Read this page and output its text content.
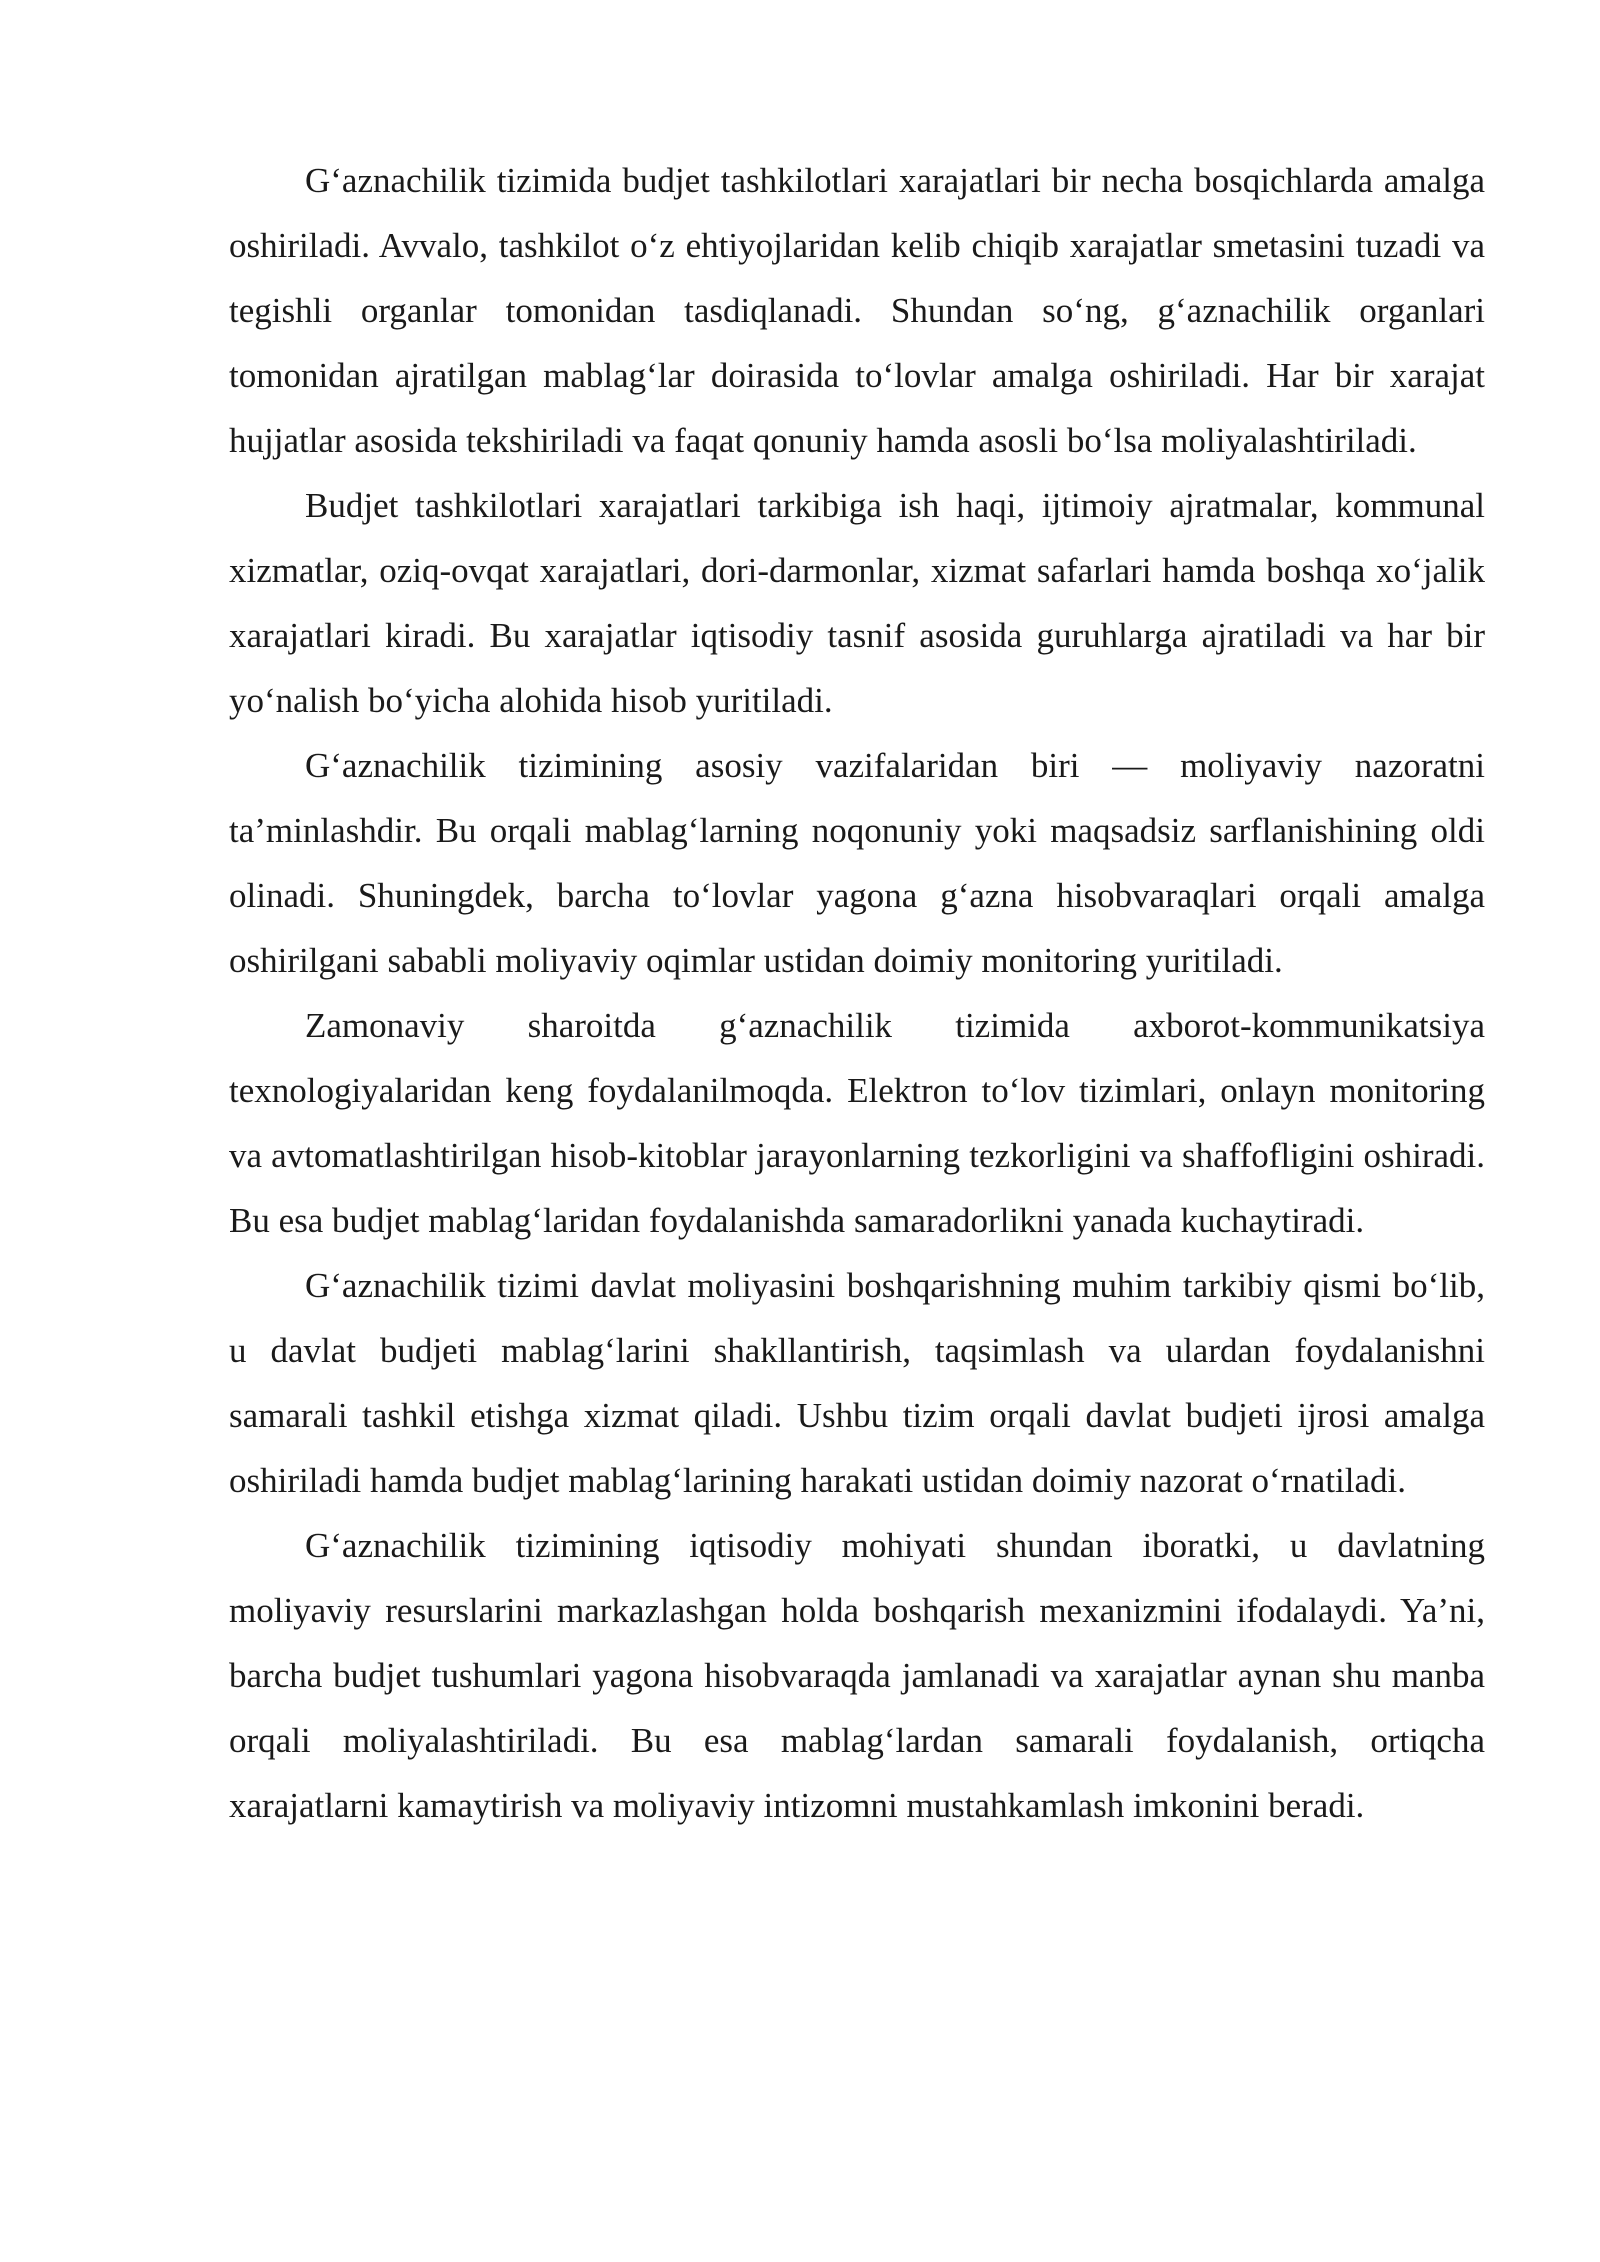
G‘aznachilik tizimida budjet tashkilotlari xarajatlari bir necha bosqichlarda amalga oshiriladi. Avvalo, tashkilot o‘z ehtiyojlaridan kelib chiqib xarajatlar smetasini tuzadi va tegishli organlar tomonidan tasdiqlanadi. Shundan so‘ng, g‘aznachilik organlari tomonidan ajratilgan mablag‘lar doirasida to‘lovlar amalga oshiriladi. Har bir xarajat hujjatlar asosida tekshiriladi va faqat qonuniy hamda asosli bo‘lsa moliyalashtiriladi.

Budjet tashkilotlari xarajatlari tarkibiga ish haqi, ijtimoiy ajratmalar, kommunal xizmatlar, oziq-ovqat xarajatlari, dori-darmonlar, xizmat safarlari hamda boshqa xo‘jalik xarajatlari kiradi. Bu xarajatlar iqtisodiy tasnif asosida guruhlarga ajratiladi va har bir yo‘nalish bo‘yicha alohida hisob yuritiladi.

G‘aznachilik tizimining asosiy vazifalaridan biri — moliyaviy nazoratni ta’minlashdir. Bu orqali mablag‘larning noqonuniy yoki maqsadsiz sarflanishining oldi olinadi. Shuningdek, barcha to‘lovlar yagona g‘azna hisobvaraqlari orqali amalga oshirilgani sababli moliyaviy oqimlar ustidan doimiy monitoring yuritiladi.

Zamonaviy sharoitda g‘aznachilik tizimida axborot-kommunikatsiya texnologiyalaridan keng foydalanilmoqda. Elektron to‘lov tizimlari, onlayn monitoring va avtomatlashtirilgan hisob-kitoblar jarayonlarning tezkorligini va shaffofligini oshiradi. Bu esa budjet mablag‘laridan foydalanishda samaradorlikni yanada kuchaytiradi.

G‘aznachilik tizimi davlat moliyasini boshqarishning muhim tarkibiy qismi bo‘lib, u davlat budjeti mablag‘larini shakllantirish, taqsimlash va ulardan foydalanishni samarali tashkil etishga xizmat qiladi. Ushbu tizim orqali davlat budjeti ijrosi amalga oshiriladi hamda budjet mablag‘larining harakati ustidan doimiy nazorat o‘rnatiladi.

G‘aznachilik tizimining iqtisodiy mohiyati shundan iboratki, u davlatning moliyaviy resurslarini markazlashgan holda boshqarish mexanizmini ifodalaydi. Ya’ni, barcha budjet tushumlari yagona hisobvaraqda jamlanadi va xarajatlar aynan shu manba orqali moliyalashtiriladi. Bu esa mablag‘lardan samarali foydalanish, ortiqcha xarajatlarni kamaytirish va moliyaviy intizomni mustahkamlash imkonini beradi.
